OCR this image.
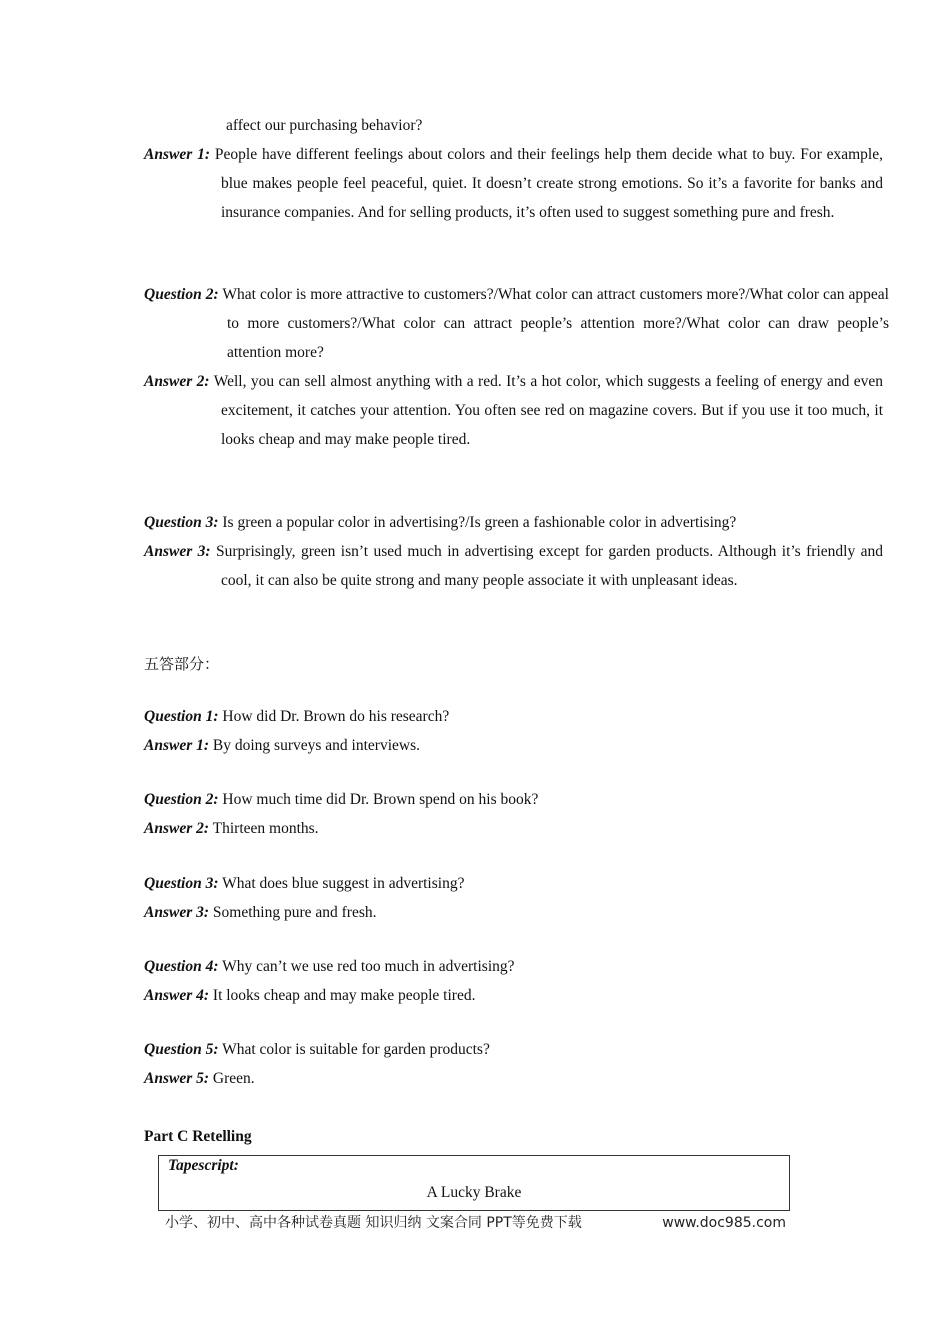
affect our purchasing behavior?
Answer 1: People have different feelings about colors and their feelings help them decide what to buy. For example, blue makes people feel peaceful, quiet. It doesn’t create strong emotions. So it’s a favorite for banks and insurance companies. And for selling products, it’s often used to suggest something pure and fresh.
Question 2: What color is more attractive to customers?/What color can attract customers more?/What color can appeal to more customers?/What color can attract people’s attention more?/What color can draw people’s attention more?
Answer 2: Well, you can sell almost anything with a red. It’s a hot color, which suggests a feeling of energy and even excitement, it catches your attention. You often see red on magazine covers. But if you use it too much, it looks cheap and may make people tired.
Question 3: Is green a popular color in advertising?/Is green a fashionable color in advertising?
Answer 3: Surprisingly, green isn’t used much in advertising except for garden products. Although it’s friendly and cool, it can also be quite strong and many people associate it with unpleasant ideas.
五答部分：
Question 1: How did Dr. Brown do his research?
Answer 1: By doing surveys and interviews.
Question 2: How much time did Dr. Brown spend on his book?
Answer 2: Thirteen months.
Question 3: What does blue suggest in advertising?
Answer 3: Something pure and fresh.
Question 4: Why can’t we use red too much in advertising?
Answer 4: It looks cheap and may make people tired.
Question 5: What color is suitable for garden products?
Answer 5: Green.
Part C Retelling
Tapescript:
A Lucky Brake
小学、初中、高中各种试卷真题 知识归纳 文案合同 PPT等免费下载	www.doc985.com
